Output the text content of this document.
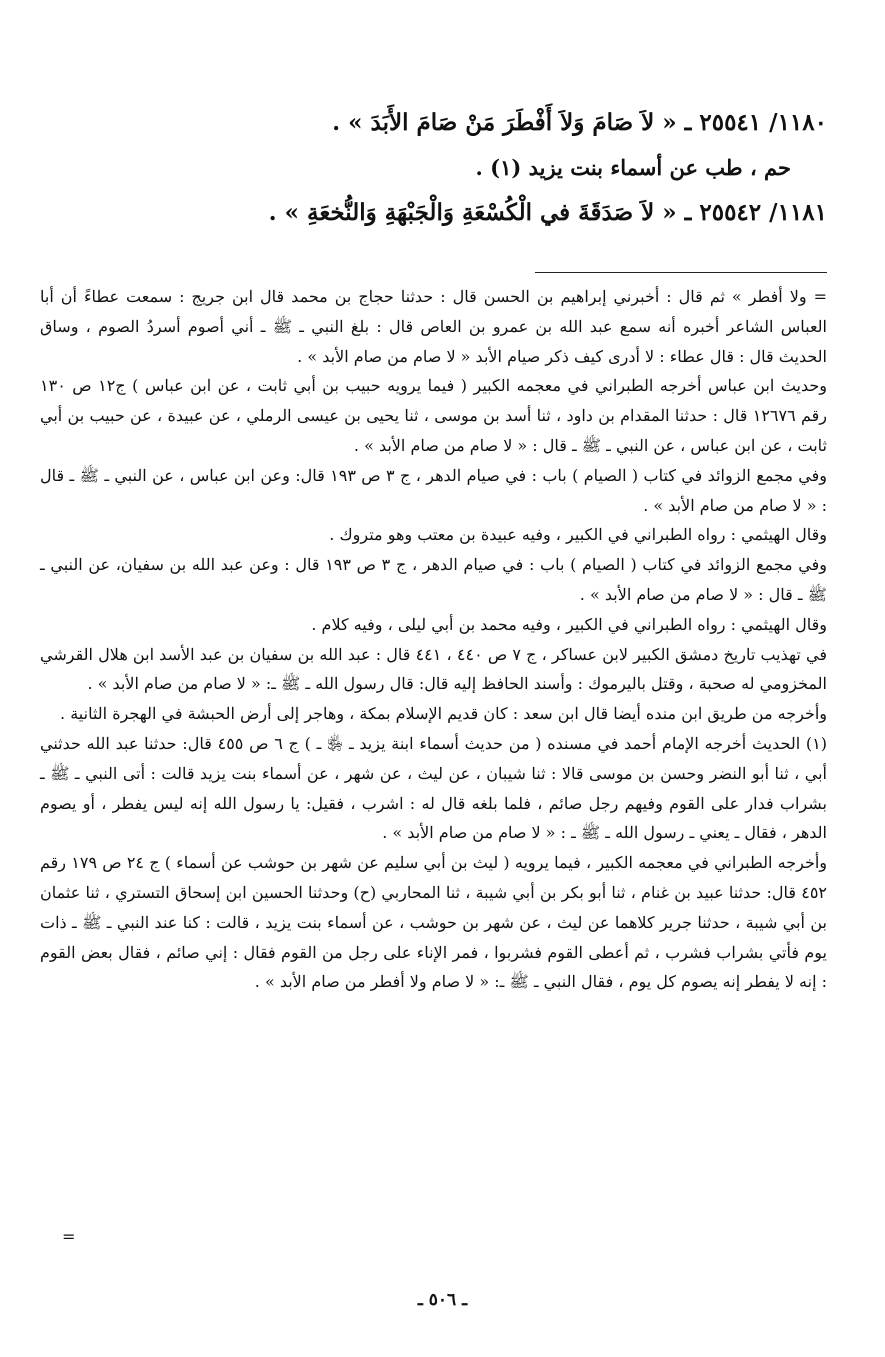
١١٨٠/ ٢٥٥٤١ ـ « لاَ صَامَ وَلاَ أَفْطَرَ مَنْ صَامَ الأَبَدَ » .

حم ، طب عن أسماء بنت يزيد (١) .

١١٨١/ ٢٥٥٤٢ ـ « لاَ صَدَقَةَ في الْكُسْعَةِ وَالْجَبْهَةِ وَالنُّخعَةِ » .

= ولا أفطر » ثم قال : أخبرني إبراهيم بن الحسن قال : حدثنا حجاج بن محمد قال ابن جريج : سمعت عطاءً أن أبا العباس الشاعر أخبره أنه سمع عبد الله بن عمرو بن العاص قال : بلغ النبي ـ ﷺ ـ أني أصوم أسردُ الصوم ، وساق الحديث قال : قال عطاء : لا أدرى كيف ذكر صيام الأبد « لا صام من صام الأبد » .

وحديث ابن عباس أخرجه الطبراني في معجمه الكبير ( فيما يرويه حبيب بن أبي ثابت ، عن ابن عباس ) ج١٢ ص ١٣٠ رقم ١٢٦٧٦ قال : حدثنا المقدام بن داود ، ثنا أسد بن موسى ، ثنا يحيى بن عيسى الرملي ، عن عبيدة ، عن حبيب بن أبي ثابت ، عن ابن عباس ، عن النبي ـ ﷺ ـ قال : « لا صام من صام الأبد » .

وفي مجمع الزوائد في كتاب ( الصيام ) باب : في صيام الدهر ، ج ٣ ص ١٩٣ قال: وعن ابن عباس ، عن النبي ـ ﷺ ـ قال : « لا صام من صام الأبد » .

وقال الهيثمي : رواه الطبراني في الكبير ، وفيه عبيدة بن معتب وهو متروك .

وفي مجمع الزوائد في كتاب ( الصيام ) باب : في صيام الدهر ، ج ٣ ص ١٩٣ قال : وعن عبد الله بن سفيان، عن النبي ـ ﷺ ـ قال : « لا صام من صام الأبد » .

وقال الهيثمي : رواه الطبراني في الكبير ، وفيه محمد بن أبي ليلى ، وفيه كلام .

في تهذيب تاريخ دمشق الكبير لابن عساكر ، ج ٧ ص ٤٤٠ ، ٤٤١ قال : عبد الله بن سفيان بن عبد الأسد ابن هلال القرشي المخزومي له صحبة ، وقتل باليرموك : وأسند الحافظ إليه قال: قال رسول الله ـ ﷺ ـ: « لا صام من صام الأبد » .

وأخرجه من طريق ابن منده أيضا قال ابن سعد : كان قديم الإسلام بمكة ، وهاجر إلى أرض الحبشة في الهجرة الثانية .

(١) الحديث أخرجه الإمام أحمد في مسنده ( من حديث أسماء ابنة يزيد ـ ﵂ ـ ) ج ٦ ص ٤٥٥ قال: حدثنا عبد الله حدثني أبي ، ثنا أبو النضر وحسن بن موسى قالا : ثنا شيبان ، عن ليث ، عن شهر ، عن أسماء بنت يزيد قالت : أتى النبي ـ ﷺ ـ بشراب فدار على القوم وفيهم رجل صائم ، فلما بلغه قال له : اشرب ، فقيل: يا رسول الله إنه ليس يفطر ، أو يصوم الدهر ، فقال ـ يعني ـ رسول الله ـ ﷺ ـ : « لا صام من صام الأبد » .

وأخرجه الطبراني في معجمه الكبير ، فيما يرويه ( ليث بن أبي سليم عن شهر بن حوشب عن أسماء ) ج ٢٤ ص ١٧٩ رقم ٤٥٢ قال: حدثنا عبيد بن غنام ، ثنا أبو بكر بن أبي شيبة ، ثنا المحاربي (ح) وحدثنا الحسين ابن إسحاق التستري ، ثنا عثمان بن أبي شيبة ، حدثنا جرير كلاهما عن ليث ، عن شهر بن حوشب ، عن أسماء بنت يزيد ، قالت : كنا عند النبي ـ ﷺ ـ ذات يوم فأتي بشراب فشرب ، ثم أعطى القوم فشربوا ، فمر الإناء على رجل من القوم فقال : إني صائم ، فقال بعض القوم : إنه لا يفطر إنه يصوم كل يوم ، فقال النبي ـ ﷺ ـ: « لا صام ولا أفطر من صام الأبد » .

=
ـ ٥٠٦ ـ
